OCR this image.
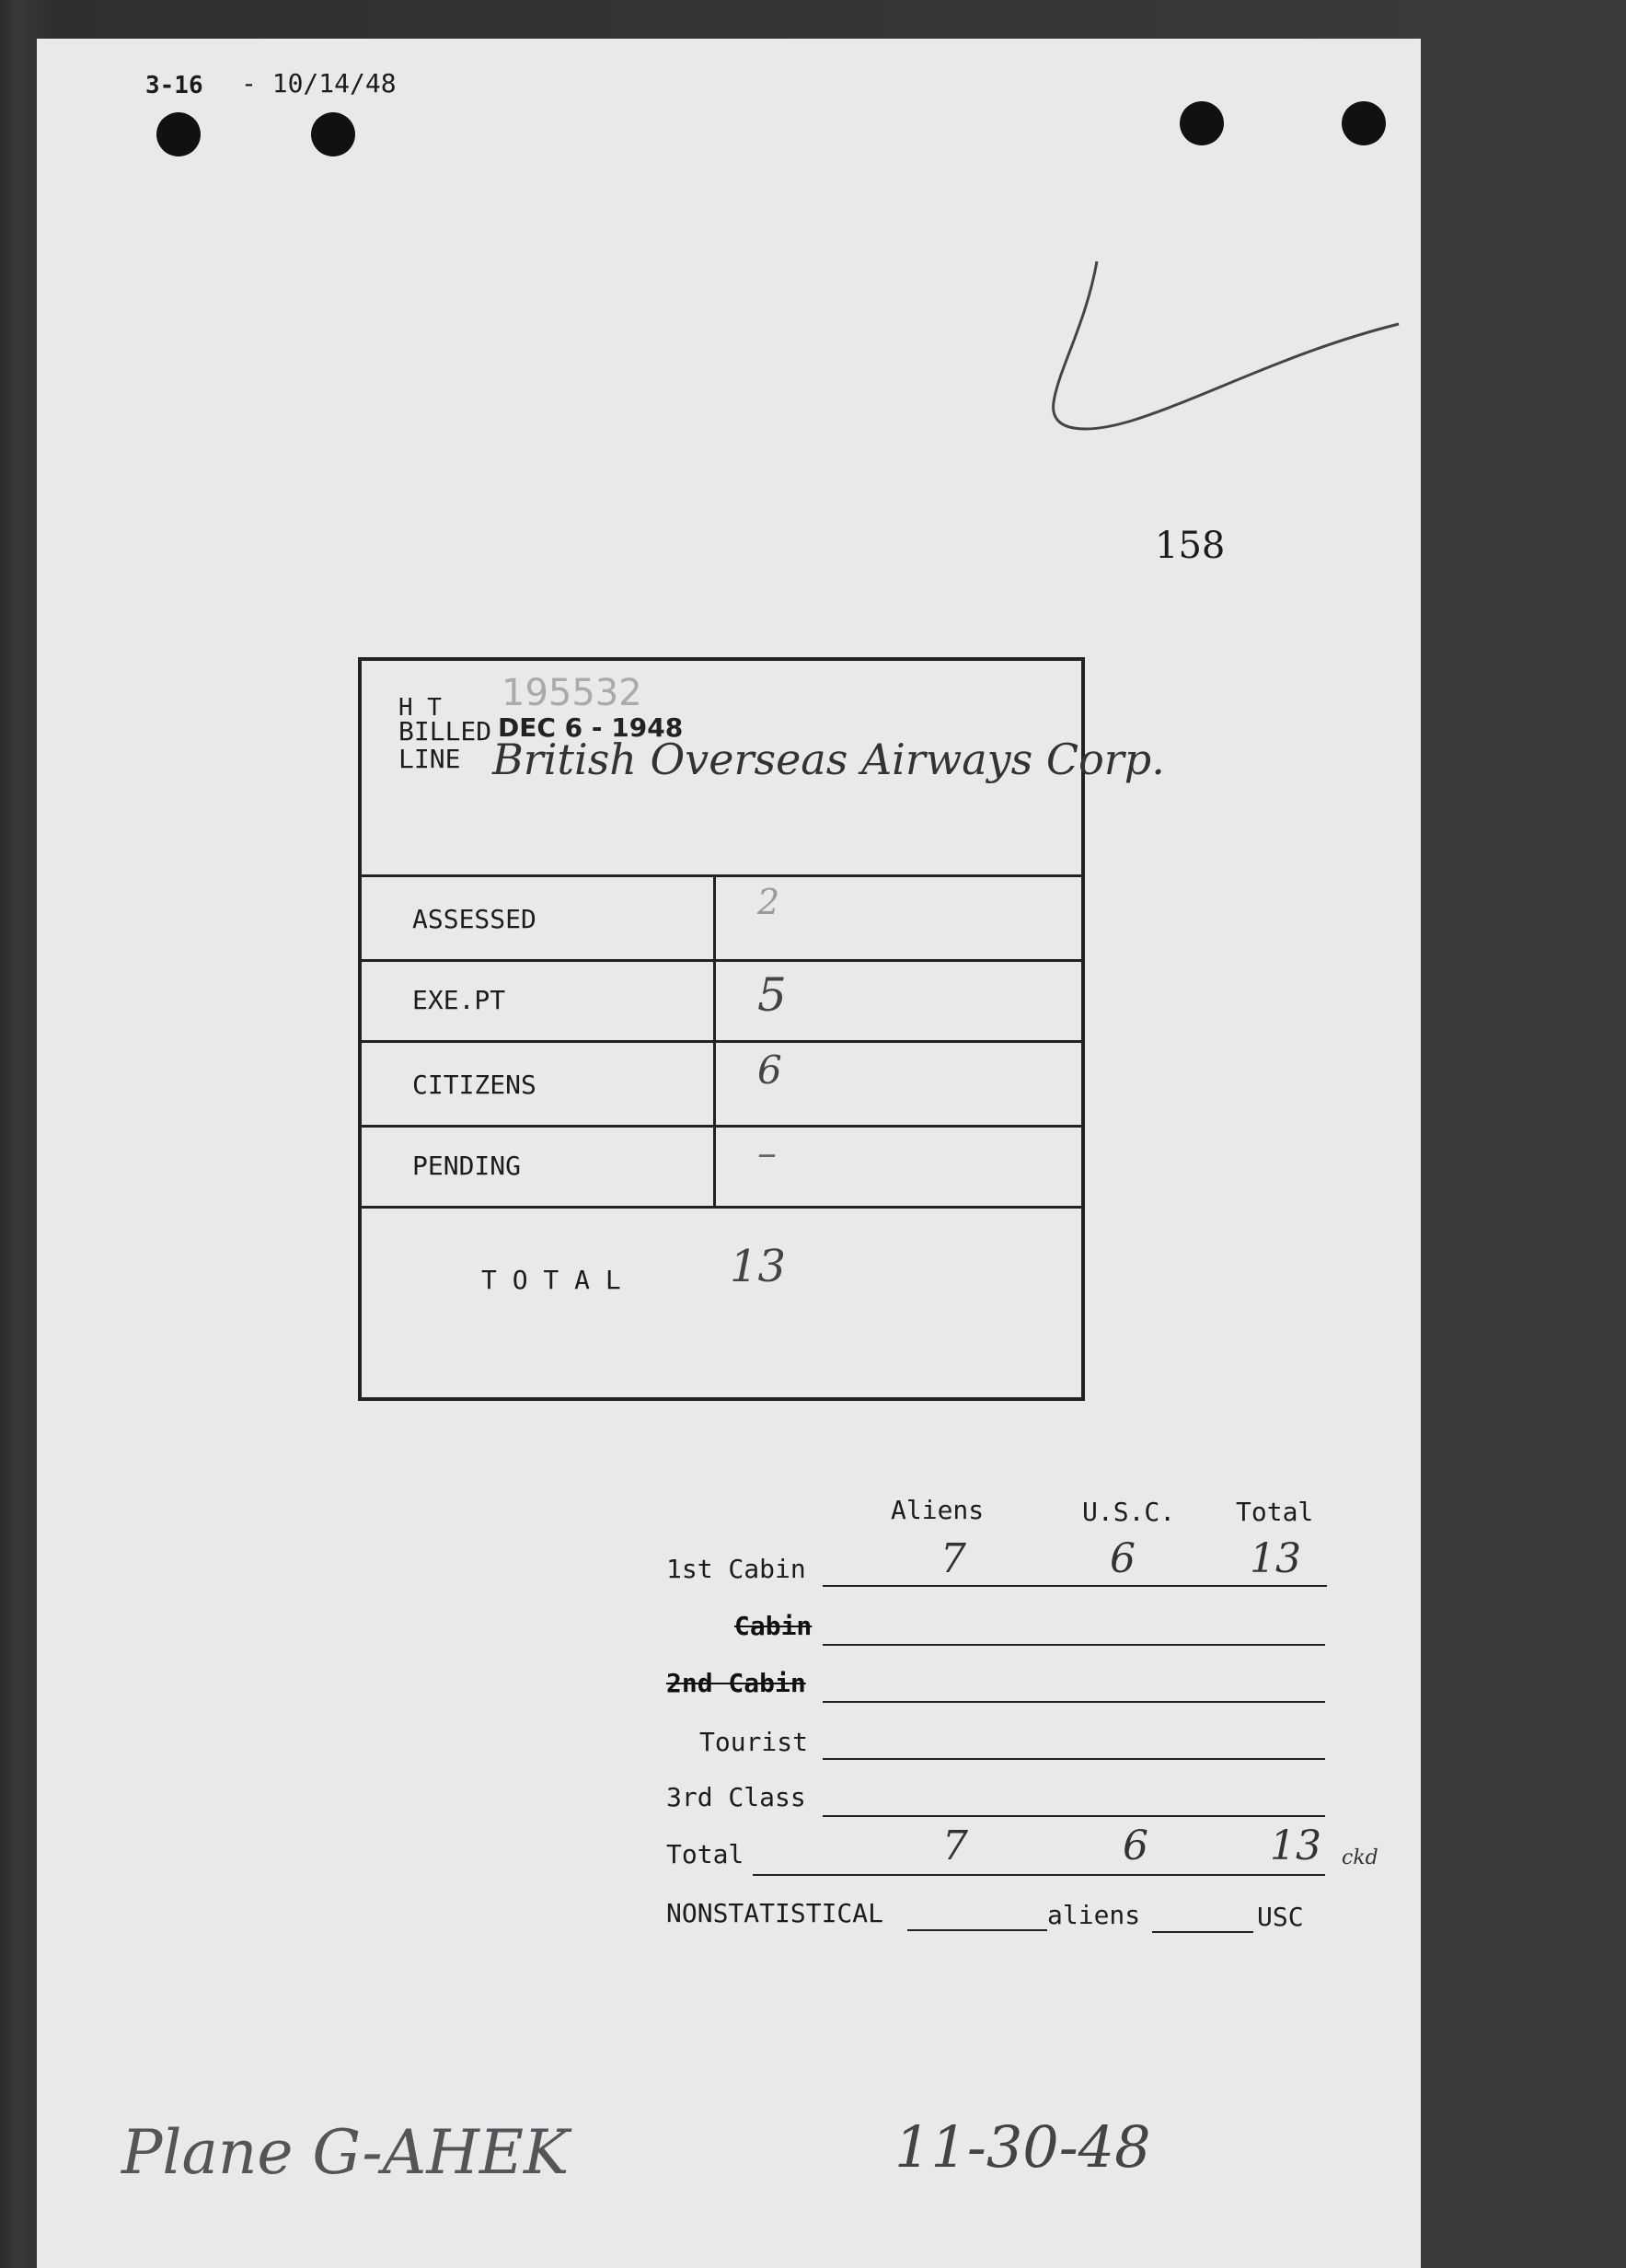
3-16 - 10/14/48
158
H T 195532
BILLED DEC 6 - 1948
LINE British Overseas Airways Corp.
ASSESSED	2
EXE.PT	5
CITIZENS	6
PENDING	–
T O T A L 13
Aliens	U.S.C. Total
1st Cabin	7	6	13
Cabin
2nd Cabin
Tourist
3rd Class
Total	7	6	13 ckd
NONSTATISTICAL	aliens	USC
Plane G-AHEK	11-30-48
